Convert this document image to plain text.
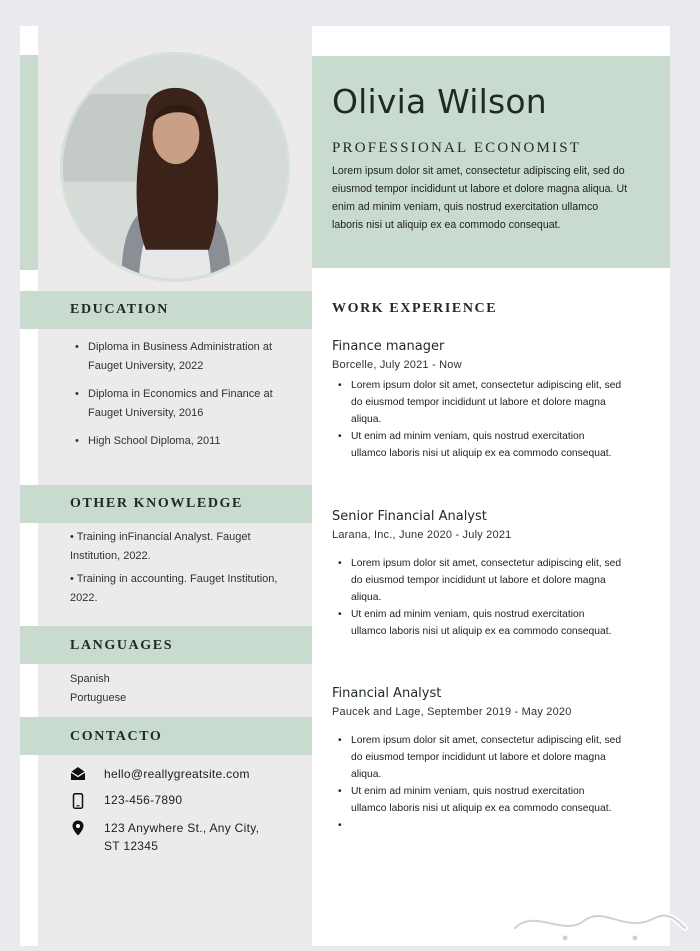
Olivia Wilson
PROFESSIONAL ECONOMIST
Lorem ipsum dolor sit amet, consectetur adipiscing elit, sed do eiusmod tempor incididunt ut labore et dolore magna aliqua. Ut enim ad minim veniam, quis nostrud exercitation ullamco laboris nisi ut aliquip ex ea commodo consequat.
EDUCATION
• Diploma in Business Administration at Fauget University, 2022
• Diploma in Economics and Finance at Fauget University, 2016
• High School Diploma, 2011
OTHER KNOWLEDGE
• Training inFinancial Analyst. Fauget Institution, 2022.
• Training in accounting. Fauget Institution, 2022.
LANGUAGES
Spanish
Portuguese
CONTACTO
hello@reallygreatsite.com
123-456-7890
123 Anywhere St., Any City, ST 12345
WORK EXPERIENCE
Finance manager
Borcelle, July 2021 - Now
• Lorem ipsum dolor sit amet, consectetur adipiscing elit, sed do eiusmod tempor incididunt ut labore et dolore magna aliqua.
• Ut enim ad minim veniam, quis nostrud exercitation ullamco laboris nisi ut aliquip ex ea commodo consequat.
Senior Financial Analyst
Larana, Inc., June 2020 - July 2021
• Lorem ipsum dolor sit amet, consectetur adipiscing elit, sed do eiusmod tempor incididunt ut labore et dolore magna aliqua.
• Ut enim ad minim veniam, quis nostrud exercitation ullamco laboris nisi ut aliquip ex ea commodo consequat.
Financial Analyst
Paucek and Lage, September 2019 - May 2020
• Lorem ipsum dolor sit amet, consectetur adipiscing elit, sed do eiusmod tempor incididunt ut labore et dolore magna aliqua.
• Ut enim ad minim veniam, quis nostrud exercitation ullamco laboris nisi ut aliquip ex ea commodo consequat.
•
